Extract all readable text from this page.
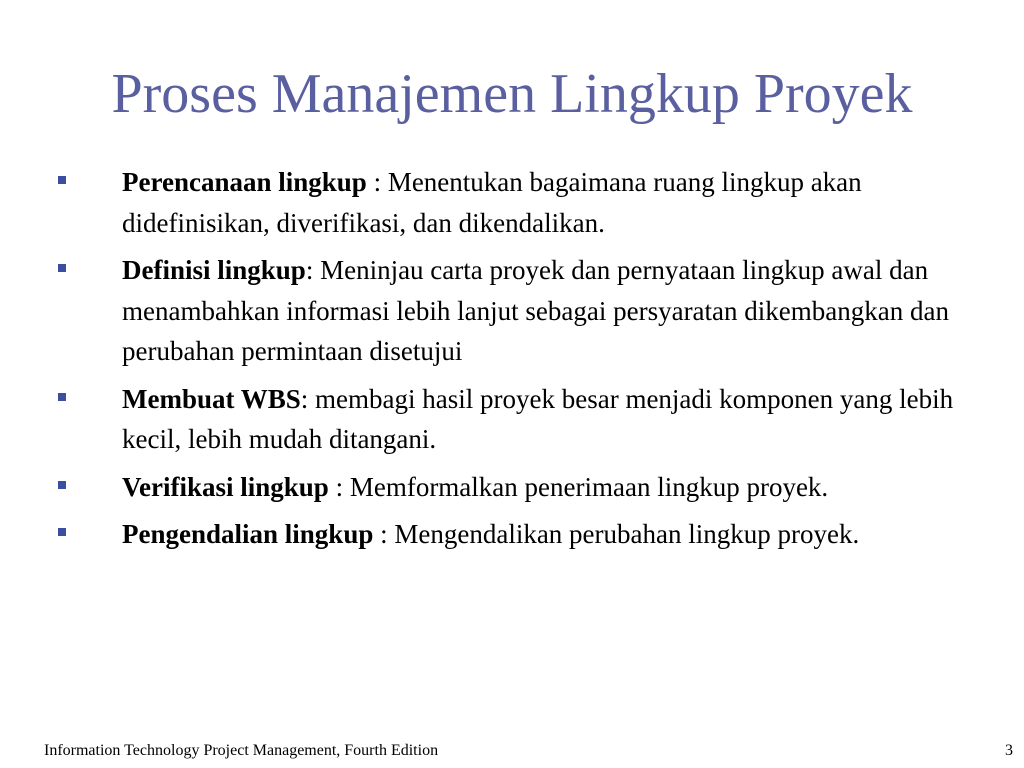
Proses Manajemen Lingkup Proyek
Perencanaan lingkup : Menentukan bagaimana ruang lingkup akan didefinisikan, diverifikasi, dan dikendalikan.
Definisi lingkup: Meninjau carta proyek dan pernyataan lingkup awal dan menambahkan informasi lebih lanjut sebagai persyaratan dikembangkan dan perubahan permintaan disetujui
Membuat WBS: membagi hasil proyek besar menjadi komponen yang lebih kecil, lebih mudah ditangani.
Verifikasi lingkup : Memformalkan penerimaan lingkup proyek.
Pengendalian lingkup : Mengendalikan perubahan lingkup proyek.
Information Technology Project Management, Fourth Edition	3
